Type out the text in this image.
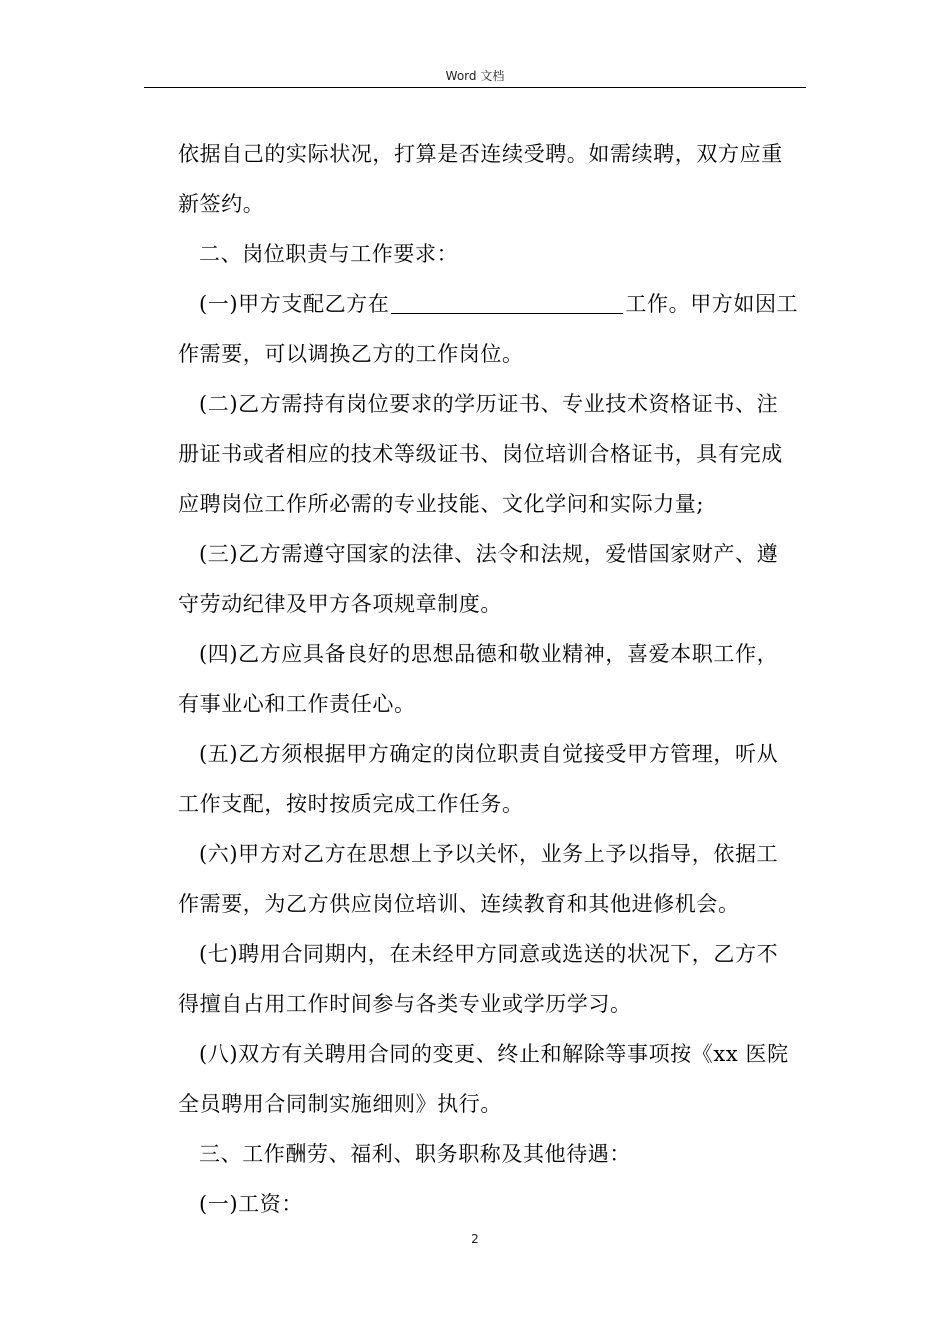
Word 文档

依据自己的实际状况，打算是否连续受聘。如需续聘，双方应重
新签约。

二、岗位职责与工作要求：

(一)甲方支配乙方在	工作。甲方如因工
作需要，可以调换乙方的工作岗位。

(二)乙方需持有岗位要求的学历证书、专业技术资格证书、注
册证书或者相应的技术等级证书、岗位培训合格证书，具有完成
应聘岗位工作所必需的专业技能、文化学问和实际力量;

(三)乙方需遵守国家的法律、法令和法规，爱惜国家财产、遵
守劳动纪律及甲方各项规章制度。

(四)乙方应具备良好的思想品德和敬业精神，喜爱本职工作，
有事业心和工作责任心。

(五)乙方须根据甲方确定的岗位职责自觉接受甲方管理，听从
工作支配，按时按质完成工作任务。

(六)甲方对乙方在思想上予以关怀，业务上予以指导，依据工
作需要，为乙方供应岗位培训、连续教育和其他进修机会。

(七)聘用合同期内，在未经甲方同意或选送的状况下，乙方不
得擅自占用工作时间参与各类专业或学历学习。

(八)双方有关聘用合同的变更、终止和解除等事项按《xx 医院
全员聘用合同制实施细则》执行。

三、工作酬劳、福利、职务职称及其他待遇：

(一)工资：

2
